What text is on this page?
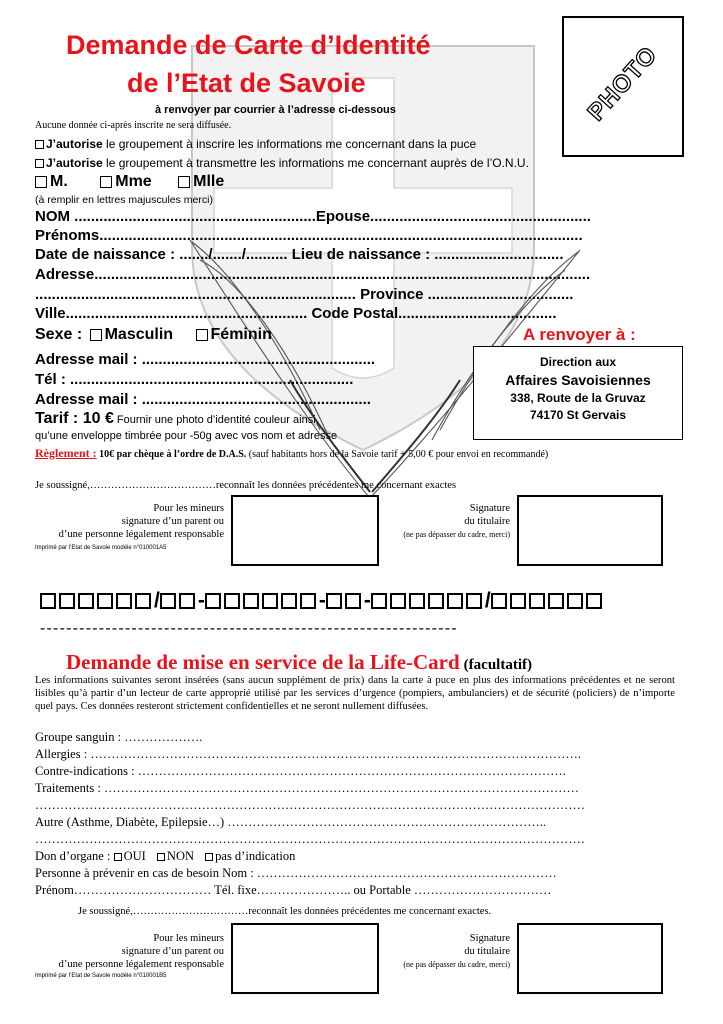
Demande de Carte d’Identité
de l’Etat de Savoie
à renvoyer par courrier à l’adresse ci-dessous
Aucune donnée ci-après inscrite ne sera diffusée.	PHOTO
J’autorise le groupement à inscrire les informations me concernant dans la puce
J’autorise le groupement à transmettre les informations me concernant auprès de l’O.N.U.
M.	Mme	Mlle
(à remplir en lettres majuscules merci)
NOM ..........................................................Epouse.....................................................
Prénoms....................................................................................................................
Date de naissance : ......./......./.......... Lieu de naissance : ...............................
Adresse.......................................................................................................................
............................................................................. Province ...................................
Ville.......................................................... Code Postal......................................
Sexe : Masculin Féminin	A renvoyer à :
Adresse mail : ........................................................
Tél : ....................................................................
Adresse mail : .......................................................
Tarif : 10 € Fournir une photo d’identité couleur ainsi
qu’une enveloppe timbrée pour -50g avec vos nom et adresse
Direction aux
Affaires Savoisiennes
338, Route de la Gruvaz
74170 St Gervais
Règlement : 10€ par chèque à l’ordre de D.A.S. (sauf habitants hors de la Savoie tarif + 5,00 € pour envoi en recommandé)
Je soussigné,………………………………reconnaît les données précédentes me concernant exactes
Pour les mineurs
signature d’un parent ou
d’une personne légalement responsable
Imprimé par l’Etat de Savoie modèle n°010001A5
Signature
du titulaire
(ne pas dépasser du cadre, merci)
/ -	- -	/
----------------------------------------------------------------
Demande de mise en service de la Life-Card (facultatif)
Les informations suivantes seront insérées (sans aucun supplément de prix) dans la carte à puce en plus des informations précédentes et ne seront lisibles qu’à partir d’un lecteur de carte approprié utilisé par les services d’urgence (pompiers, ambulanciers) et de sécurité (policiers) de n’importe quel pays. Ces données resteront strictement confidentielles et ne seront nullement diffusées.
Groupe sanguin : ……………….
Allergies : ……………………………………………………………………………………………………….
Contre-indications : ………………………………………………………………………………………….
Traitements : ……………………………………………………………………………………………………
……………………………………………………………………………………………………………………
Autre (Asthme, Diabète, Epilepsie…) …………………………………………………………………..
……………………………………………………………………………………………………………………
Don d’organe : OUI NON pas d’indication
Personne à prévenir en cas de besoin Nom : ………………………………………………………………
Prénom…………………………… Tél. fixe………………….. ou Portable ……………………………
Je soussigné,……………………………reconnaît les données précédentes me concernant exactes.
Pour les mineurs
signature d’un parent ou
d’une personne légalement responsable
Imprimé par l’Etat de Savoie modèle n°010001B5
Signature
du titulaire
(ne pas dépasser du cadre, merci)
